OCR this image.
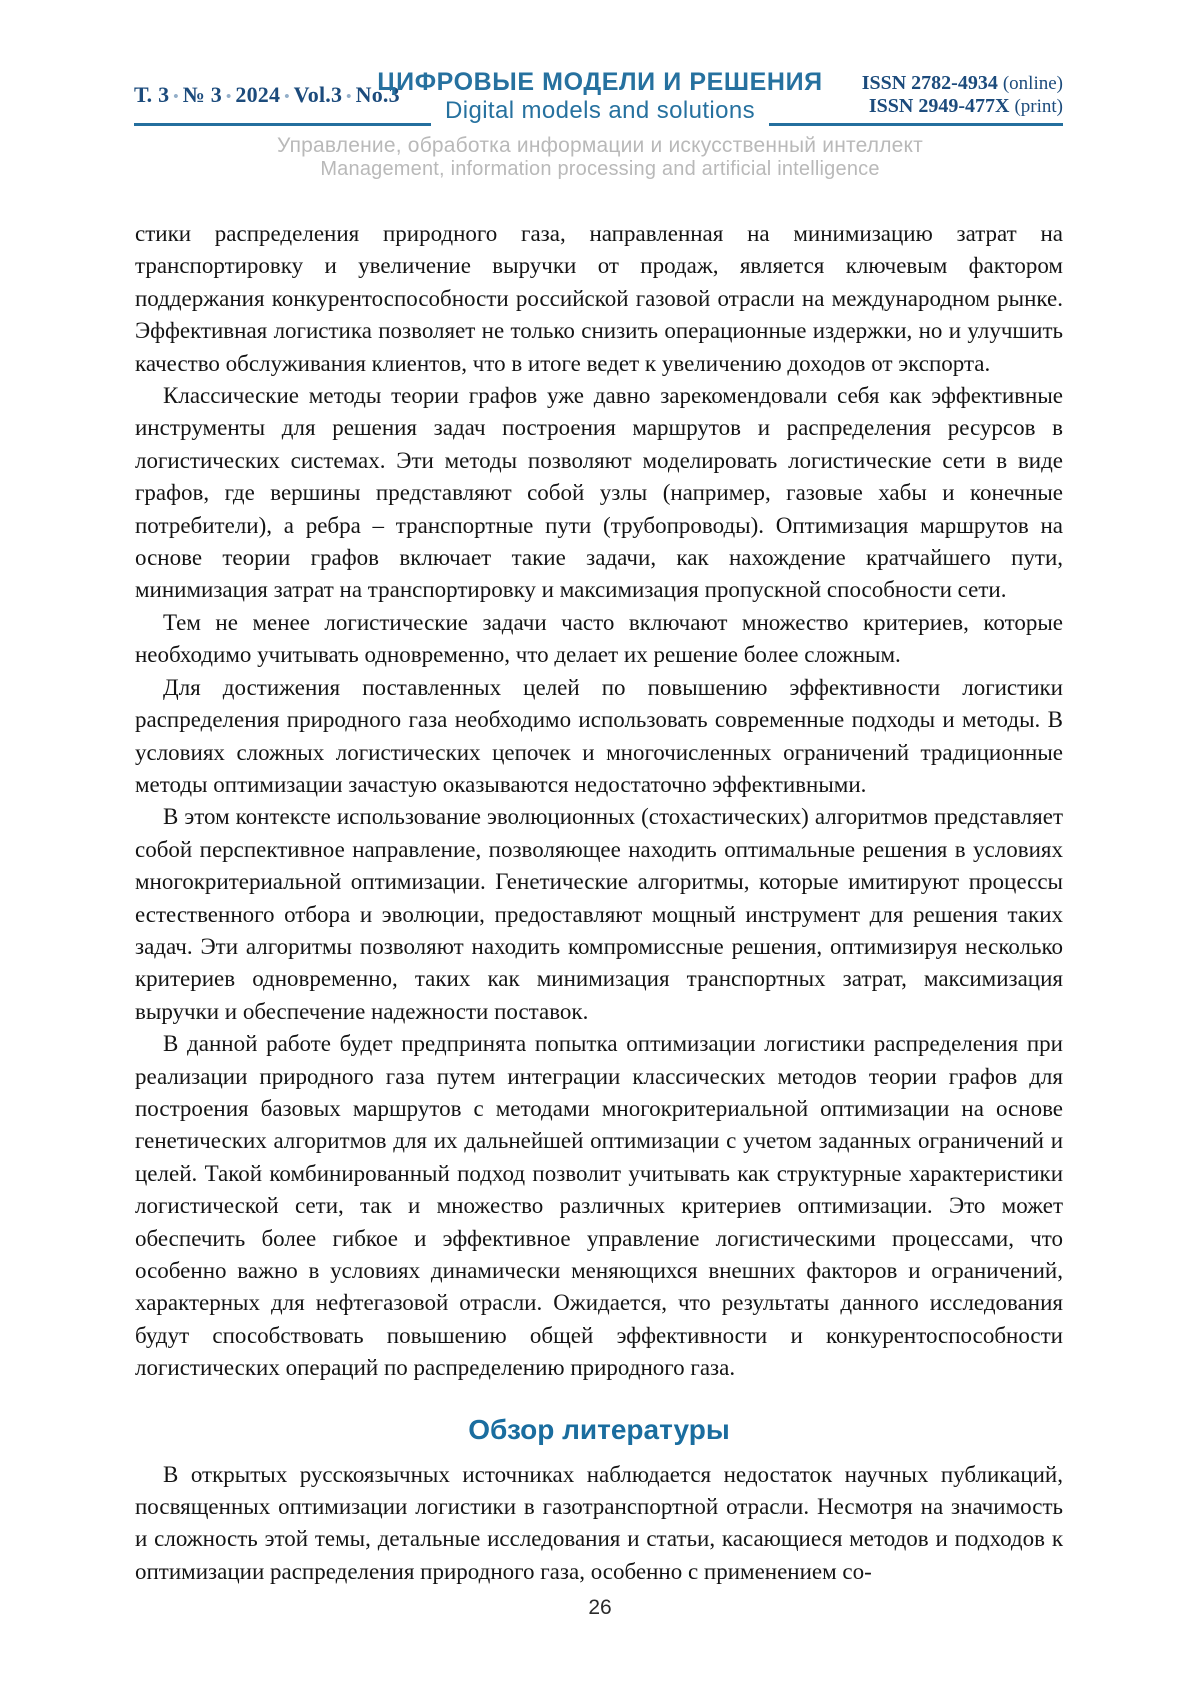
Т. 3 • № 3 • 2024 • Vol.3 • No.3
ЦИФРОВЫЕ МОДЕЛИ И РЕШЕНИЯ
Digital models and solutions
ISSN 2782-4934 (online)
ISSN 2949-477X (print)
Управление, обработка информации и искусственный интеллект
Management, information processing and artificial intelligence

стики распределения природного газа, направленная на минимизацию затрат на транспортировку и увеличение выручки от продаж, является ключевым фактором поддержания конкурентоспособности российской газовой отрасли на международном рынке. Эффективная логистика позволяет не только снизить операционные издержки, но и улучшить качество обслуживания клиентов, что в итоге ведет к увеличению доходов от экспорта.

Классические методы теории графов уже давно зарекомендовали себя как эффективные инструменты для решения задач построения маршрутов и распределения ресурсов в логистических системах. Эти методы позволяют моделировать логистические сети в виде графов, где вершины представляют собой узлы (например, газовые хабы и конечные потребители), а ребра – транспортные пути (трубопроводы). Оптимизация маршрутов на основе теории графов включает такие задачи, как нахождение кратчайшего пути, минимизация затрат на транспортировку и максимизация пропускной способности сети.

Тем не менее логистические задачи часто включают множество критериев, которые необходимо учитывать одновременно, что делает их решение более сложным.

Для достижения поставленных целей по повышению эффективности логистики распределения природного газа необходимо использовать современные подходы и методы. В условиях сложных логистических цепочек и многочисленных ограничений традиционные методы оптимизации зачастую оказываются недостаточно эффективными.

В этом контексте использование эволюционных (стохастических) алгоритмов представляет собой перспективное направление, позволяющее находить оптимальные решения в условиях многокритериальной оптимизации. Генетические алгоритмы, которые имитируют процессы естественного отбора и эволюции, предоставляют мощный инструмент для решения таких задач. Эти алгоритмы позволяют находить компромиссные решения, оптимизируя несколько критериев одновременно, таких как минимизация транспортных затрат, максимизация выручки и обеспечение надежности поставок.

В данной работе будет предпринята попытка оптимизации логистики распределения при реализации природного газа путем интеграции классических методов теории графов для построения базовых маршрутов с методами многокритериальной оптимизации на основе генетических алгоритмов для их дальнейшей оптимизации с учетом заданных ограничений и целей. Такой комбинированный подход позволит учитывать как структурные характеристики логистической сети, так и множество различных критериев оптимизации. Это может обеспечить более гибкое и эффективное управление логистическими процессами, что особенно важно в условиях динамически меняющихся внешних факторов и ограничений, характерных для нефтегазовой отрасли. Ожидается, что результаты данного исследования будут способствовать повышению общей эффективности и конкурентоспособности логистических операций по распределению природного газа.

Обзор литературы

В открытых русскоязычных источниках наблюдается недостаток научных публикаций, посвященных оптимизации логистики в газотранспортной отрасли. Несмотря на значимость и сложность этой темы, детальные исследования и статьи, касающиеся методов и подходов к оптимизации распределения природного газа, особенно с применением со-

26
